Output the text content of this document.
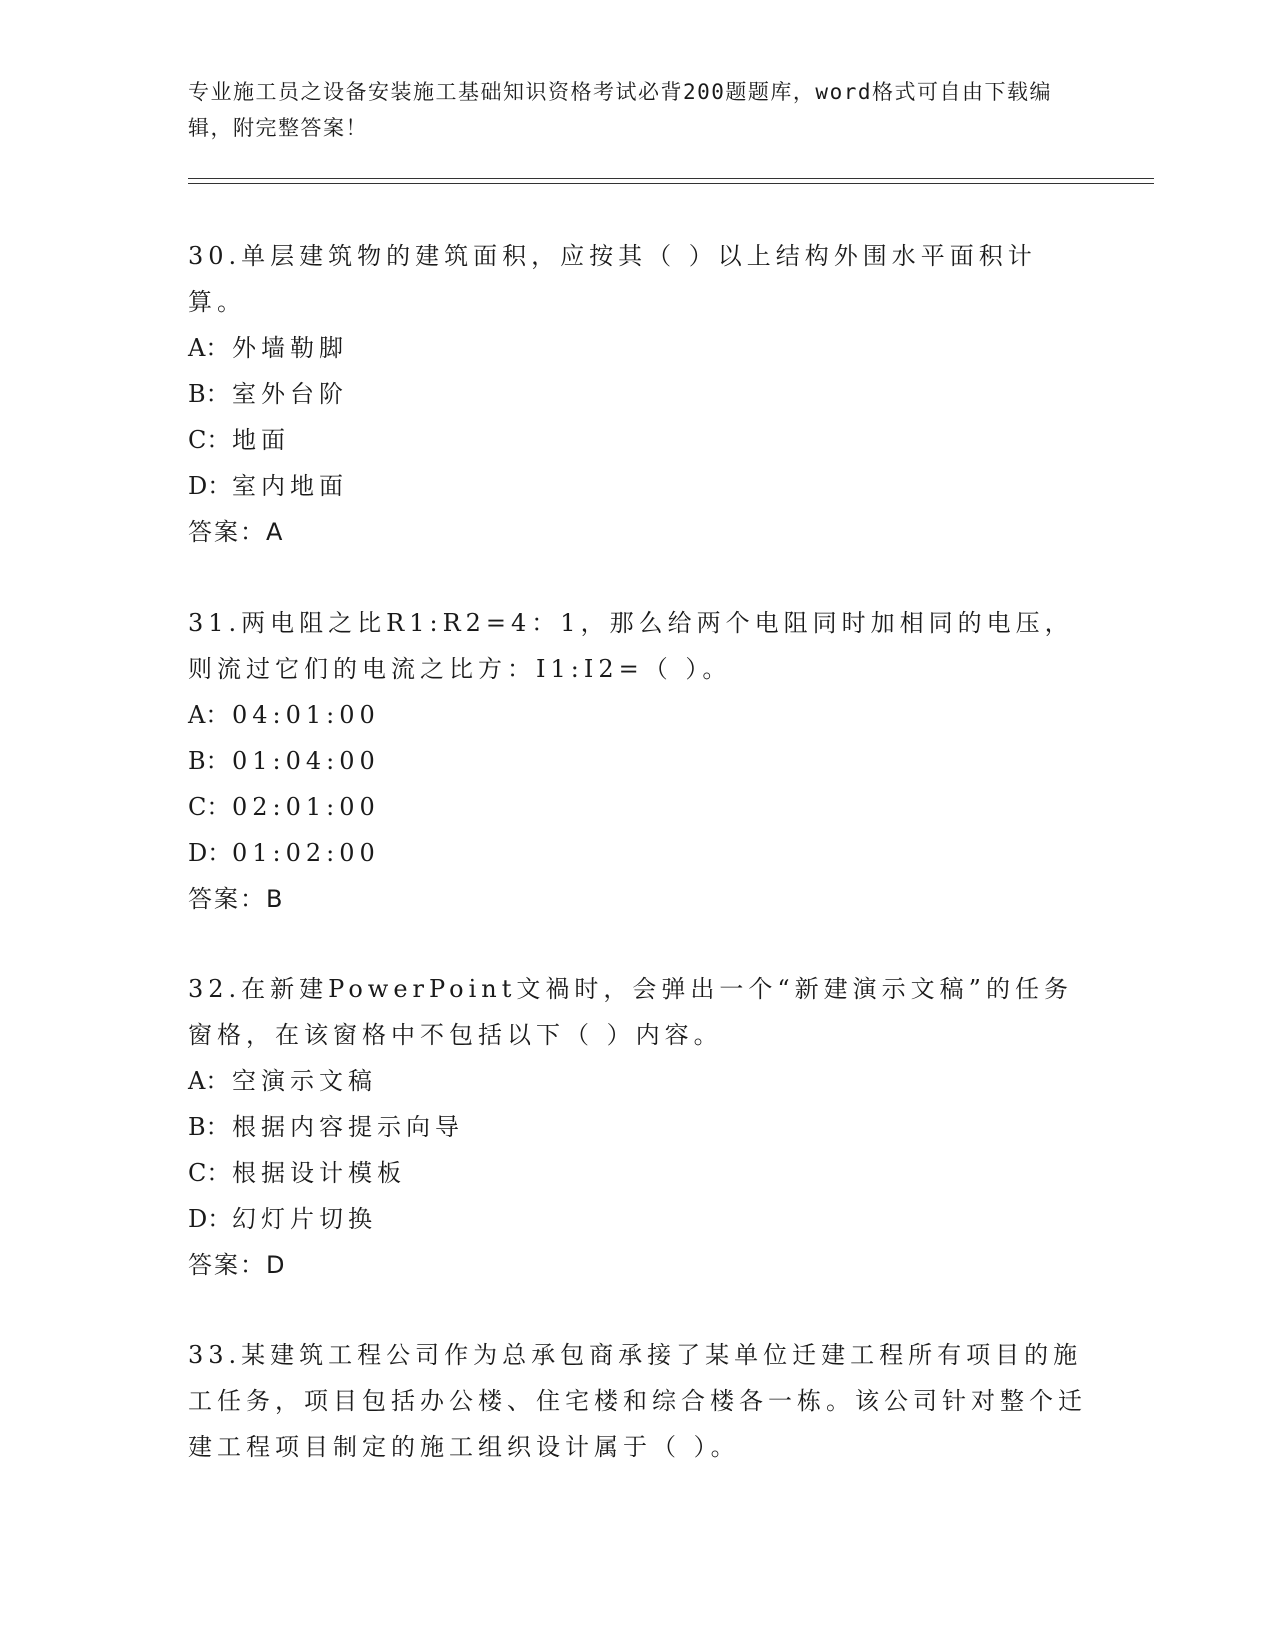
专业施工员之设备安装施工基础知识资格考试必背200题题库，word格式可自由下载编辑，附完整答案！

30.单层建筑物的建筑面积，应按其（ ）以上结构外围水平面积计算。

A： 外墙勒脚

B：室外台阶

C：地面

D：室内地面

答案：A

31.两电阻之比R1:R2=4：1，那么给两个电阻同时加相同的电压，则流过它们的电流之比方：I1:I2=（ ）。

A： 04:01:00

B：01:04:00

C：02:01:00

D：01:02:00

答案：B

32.在新建PowerPoint文禍时，会弹出一个“新建演示文稿”的任务窗格，在该窗格中不包括以下（ ）内容。

A： 空演示文稿

B：根据内容提示向导

C：根据设计模板

D：幻灯片切换

答案：D

33.某建筑工程公司作为总承包商承接了某单位迁建工程所有项目的施工任务，项目包括办公楼、住宅楼和综合楼各一栋。该公司针对整个迁建工程项目制定的施工组织设计属于（ ）。
